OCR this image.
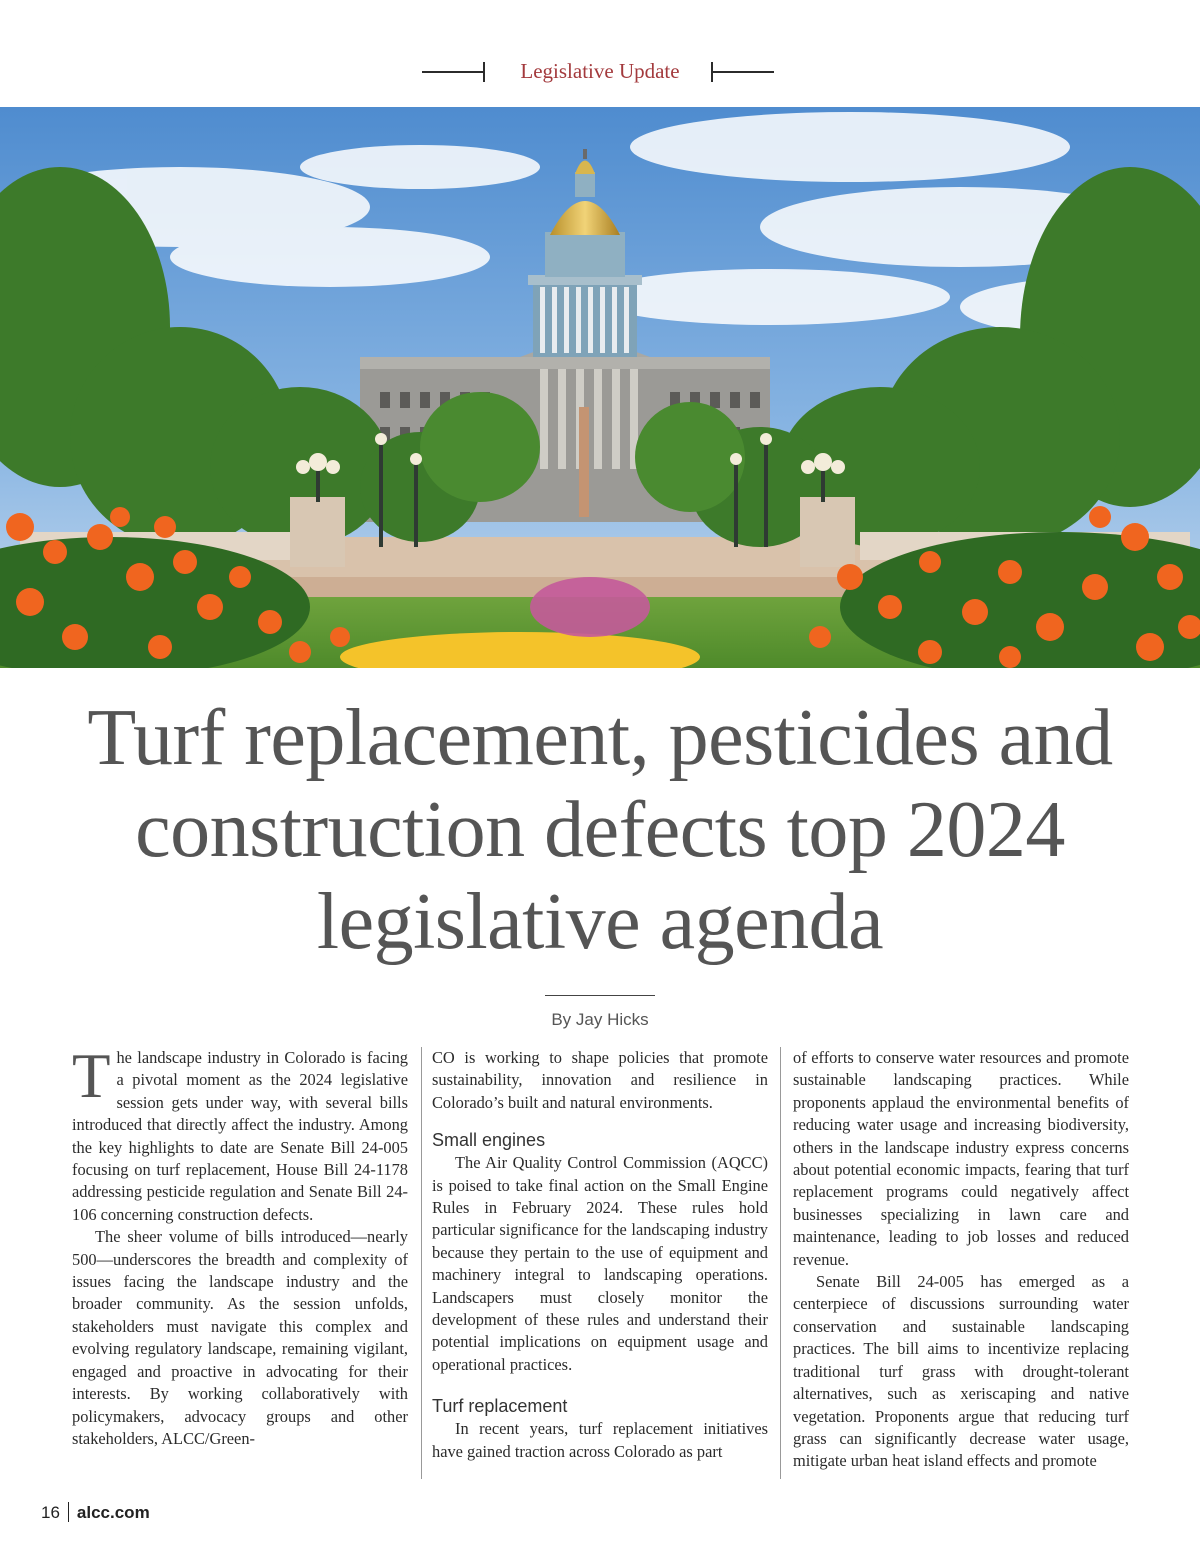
Legislative Update
Turf replacement, pesticides and construction defects top 2024 legislative agenda
By Jay Hicks

The landscape industry in Colorado is facing a pivotal moment as the 2024 legislative session gets under way, with several bills introduced that directly affect the industry. Among the key highlights to date are Senate Bill 24-005 focusing on turf replacement, House Bill 24-1178 addressing pesticide regulation and Senate Bill 24-106 concerning construction defects.

The sheer volume of bills introduced—nearly 500—underscores the breadth and complexity of issues facing the landscape industry and the broader community. As the session unfolds, stakeholders must navigate this complex and evolving regulatory landscape, remaining vigilant, engaged and proactive in advocating for their interests. By working collaboratively with policymakers, advocacy groups and other stakeholders, ALCC/Green-

CO is working to shape policies that promote sustainability, innovation and resilience in Colorado’s built and natural environments.

Small engines

The Air Quality Control Commission (AQCC) is poised to take final action on the Small Engine Rules in February 2024. These rules hold particular significance for the landscaping industry because they pertain to the use of equipment and machinery integral to landscaping operations. Landscapers must closely monitor the development of these rules and understand their potential implications on equipment usage and operational practices.

Turf replacement

In recent years, turf replacement initiatives have gained traction across Colorado as part

of efforts to conserve water resources and promote sustainable landscaping practices. While proponents applaud the environmental benefits of reducing water usage and increasing biodiversity, others in the landscape industry express concerns about potential economic impacts, fearing that turf replacement programs could negatively affect businesses specializing in lawn care and maintenance, leading to job losses and reduced revenue.

Senate Bill 24-005 has emerged as a centerpiece of discussions surrounding water conservation and sustainable landscaping practices. The bill aims to incentivize replacing traditional turf grass with drought-tolerant alternatives, such as xeriscaping and native vegetation. Proponents argue that reducing turf grass can significantly decrease water usage, mitigate urban heat island effects and promote

16 alcc.com
